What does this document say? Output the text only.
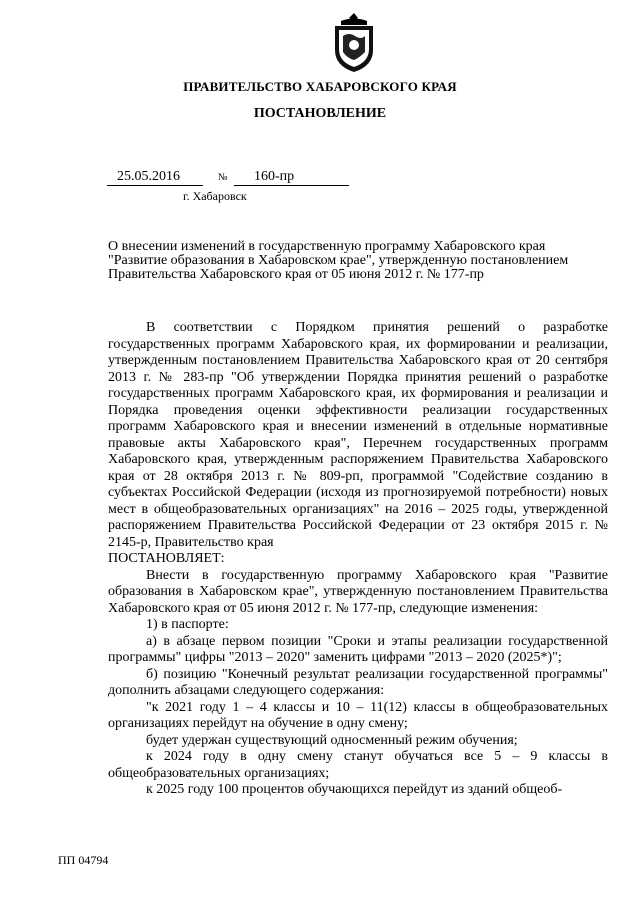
ПРАВИТЕЛЬСТВО ХАБАРОВСКОГО КРАЯ
ПОСТАНОВЛЕНИЕ
25.05.2016	№	160-пр
г. Хабаровск
О внесении изменений в государственную программу Хабаровского края
"Развитие образования в Хабаровском крае", утвержденную постановлением
Правительства Хабаровского края от 05 июня 2012 г. № 177-пр

В соответствии с Порядком принятия решений о разработке государственных программ Хабаровского края, их формировании и реализации, утвержденным постановлением Правительства Хабаровского края от 20 сентября 2013 г. № 283-пр "Об утверждении Порядка принятия решений о разработке государственных программ Хабаровского края, их формирования и реализации и Порядка проведения оценки эффективности реализации государственных программ Хабаровского края и внесении изменений в отдельные нормативные правовые акты Хабаровского края", Перечнем государственных программ Хабаровского края, утвержденным распоряжением Правительства Хабаровского края от 28 октября 2013 г. № 809-рп, программой "Содействие созданию в субъектах Российской Федерации (исходя из прогнозируемой потребности) новых мест в общеобразовательных организациях" на 2016 – 2025 годы, утвержденной распоряжением Правительства Российской Федерации от 23 октября 2015 г. № 2145-р, Правительство края

ПОСТАНОВЛЯЕТ:

Внести в государственную программу Хабаровского края "Развитие образования в Хабаровском крае", утвержденную постановлением Правительства Хабаровского края от 05 июня 2012 г. № 177-пр, следующие изменения:

1) в паспорте:

а) в абзаце первом позиции "Сроки и этапы реализации государственной программы" цифры "2013 – 2020" заменить цифрами "2013 – 2020 (2025*)";

б) позицию "Конечный результат реализации государственной программы" дополнить абзацами следующего содержания:

"к 2021 году 1 – 4 классы и 10 – 11(12) классы в общеобразовательных организациях перейдут на обучение в одну смену;

будет удержан существующий односменный режим обучения;

к 2024 году в одну смену станут обучаться все 5 – 9 классы в общеобразовательных организациях;

к 2025 году 100 процентов обучающихся перейдут из зданий общеоб-

ПП 04794
